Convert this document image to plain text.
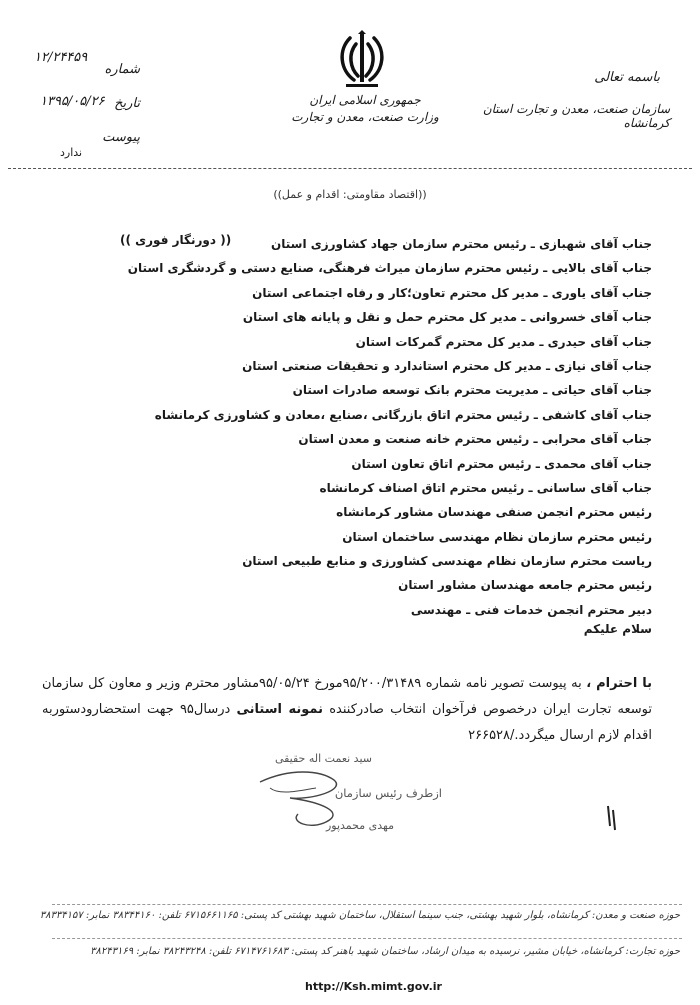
جمهوری اسلامی ایران
وزارت صنعت، معدن و تجارت
باسمه تعالی
سازمان صنعت، معدن و تجارت استان کرمانشاه
شماره
تاریخ
پیوست
۱۲/۲۴۴۵۹
۱۳۹۵/۰۵/۲۶
ندارد
((اقتصاد مقاومتی: اقدام و عمل))
(( دورنگار فوری ))	جناب آقای شهبازی ـ رئیس محترم سازمان جهاد کشاورزی استان
جناب آقای بالایی ـ رئیس محترم سازمان میراث فرهنگی، صنایع دستی و گردشگری استان
جناب آقای یاوری ـ مدیر کل محترم تعاون؛کار و رفاه اجتماعی استان
جناب آقای خسروانی ـ مدیر کل محترم حمل و نقل و پایانه های استان
جناب آقای حیدری ـ مدیر کل محترم گمرکات استان
جناب آقای نیازی ـ مدیر کل محترم استاندارد و تحقیقات صنعتی استان
جناب آقای حیاتی ـ مدیریت محترم بانک توسعه صادرات استان
جناب آقای کاشفی ـ رئیس محترم اتاق بازرگانی ،صنایع ،معادن و کشاورزی کرمانشاه
جناب آقای محرابی ـ رئیس محترم خانه صنعت و معدن استان
جناب آقای محمدی ـ رئیس محترم اتاق تعاون استان
جناب آقای ساسانی ـ رئیس محترم اتاق اصناف کرمانشاه
رئیس محترم انجمن صنفی مهندسان مشاور کرمانشاه
رئیس محترم سازمان نظام مهندسی ساختمان استان
ریاست محترم سازمان نظام مهندسی کشاورزی و منابع طبیعی استان
رئیس محترم جامعه مهندسان مشاور استان
دبیر محترم انجمن خدمات فنی ـ مهندسی
سلام علیکم
با احترام ، به پیوست تصویر نامه شماره ۹۵/۲۰۰/۳۱۴۸۹مورخ ۹۵/۰۵/۲۴مشاور محترم وزیر و معاون کل سازمان توسعه تجارت ایران درخصوص فرآخوان انتخاب صادرکننده نمونه استانی درسال۹۵ جهت استحضارودستوربه اقدام لازم ارسال میگردد./۲۶۶۵۲۸
سید نعمت اله حقیقی
ازطرف رئیس سازمان
مهدی محمدپور
حوزه صنعت و معدن: کرمانشاه، بلوار شهید بهشتی، جنب سینما استقلال، ساختمان شهید بهشتی کد پستی: ۶۷۱۵۶۶۱۱۶۵ تلفن: ۳۸۳۴۴۱۶۰ نمابر: ۳۸۳۳۴۱۵۷
حوزه تجارت: کرمانشاه، خیابان مشیر، نرسیده به میدان ارشاد، ساختمان شهید باهنر کد پستی: ۶۷۱۴۷۶۱۶۸۳ تلفن: ۳۸۲۴۳۲۴۸ نمابر: ۳۸۲۴۳۱۶۹
http://Ksh.mimt.gov.ir
